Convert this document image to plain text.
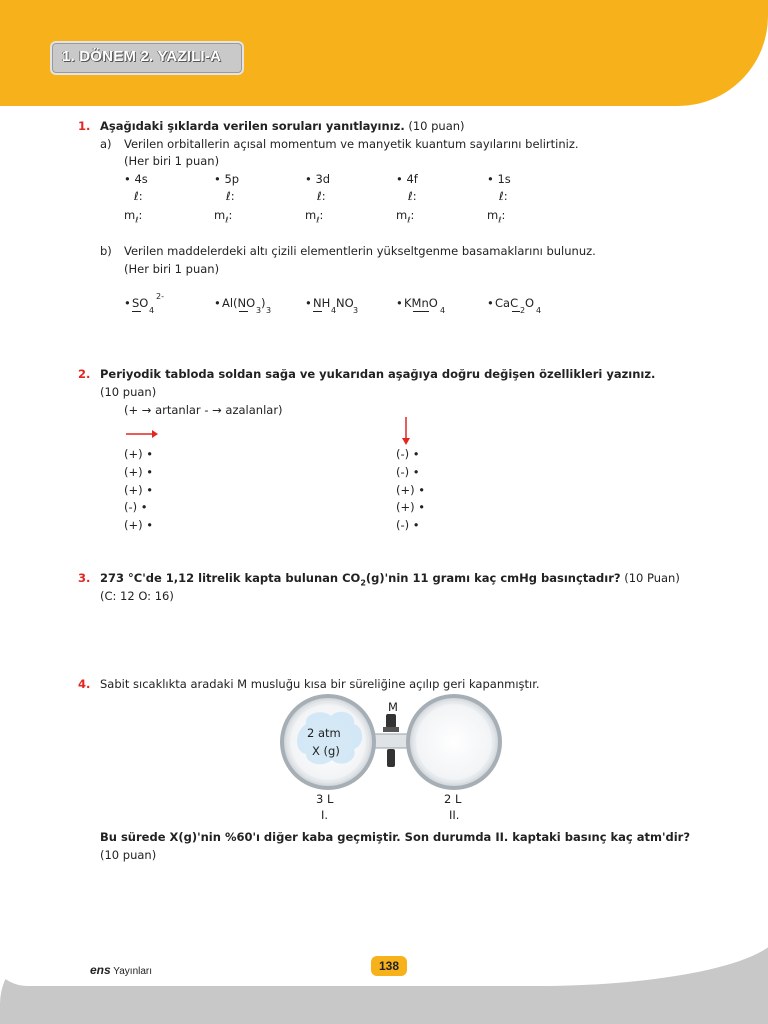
1. DÖNEM 2. YAZILI-A
1. Aşağıdaki şıklarda verilen soruları yanıtlayınız. (10 puan)
a) Verilen orbitallerin açısal momentum ve manyetik kuantum sayılarını belirtiniz.
(Her biri 1 puan)
• 4s	• 5p	• 3d	• 4f	• 1s
ℓ:	ℓ:	ℓ:	ℓ:	ℓ:
$m_\ell$:	$m_\ell$:	$m_\ell$:	$m_\ell$:	$m_\ell$:
b) Verilen maddelerdeki altı çizili elementlerin yükseltgenme basamaklarını bulunuz.
(Her biri 1 puan)
• SO
4
2-	• Al(NO
3
)
3
• NH
4
NO
3
• KMnO
4
• CaC
2
O
4
2. Periyodik tabloda soldan sağa ve yukarıdan aşağıya doğru değişen özellikleri yazınız.
(10 puan)
(+ → artanlar - → azalanlar)
(+) •
(+) •
(+) •
(-) •
(+) •
(-) •
(-) •
(+) •
(+) •
(-) •
3. 273 °C'de 1,12 litrelik kapta bulunan $CO_2(g)'nin$ 11 gramı kaç cmHg basınçtadır? (10 Puan)
(C: 12 O: 16)
4. Sabit sıcaklıkta aradaki M musluğu kısa bir süreliğine açılıp geri kapanmıştır.
M
2 atm
X (g)
3 L
I.
2 L
II.
Bu sürede X(g)'nin %60'ı diğer kaba geçmiştir. Son durumda II. kaptaki basınç kaç atm'dir?
(10 puan)
ens Yayınları	138
